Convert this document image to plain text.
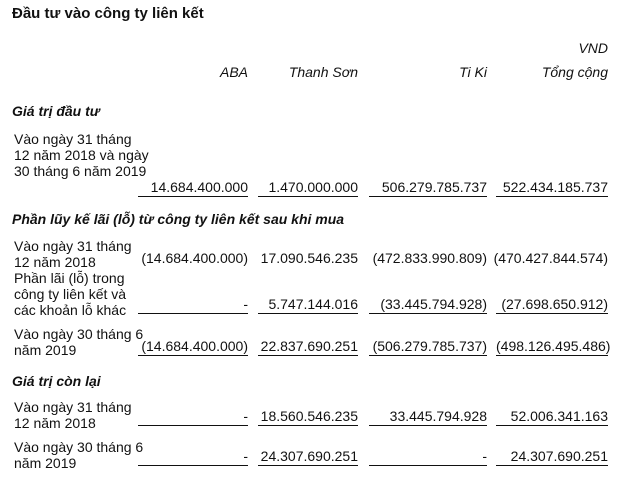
Đầu tư vào công ty liên kết
VND
ABA	Thanh Sơn	Ti Ki	Tổng cộng
Giá trị đầu tư
Vào ngày 31 tháng 12 năm 2018 và ngày 30 tháng 6 năm 2019
14.684.400.000	1.470.000.000	506.279.785.737	522.434.185.737
Phần lũy kế lãi (lỗ) từ công ty liên kết sau khi mua
Vào ngày 31 tháng 12 năm 2018	(14.684.400.000) 17.090.546.235 (472.833.990.809) (470.427.844.574)
Phần lãi (lỗ) trong công ty liên kết và các khoản lỗ khác	-	5.747.144.016	(33.445.794.928)	(27.698.650.912)
Vào ngày 30 tháng 6 năm 2019	(14.684.400.000) 22.837.690.251 (506.279.785.737) (498.126.495.486)
Giá trị còn lại
Vào ngày 31 tháng 12 năm 2018	- 18.560.546.235	33.445.794.928	52.006.341.163
Vào ngày 30 tháng 6 năm 2019	- 24.307.690.251	-	24.307.690.251
